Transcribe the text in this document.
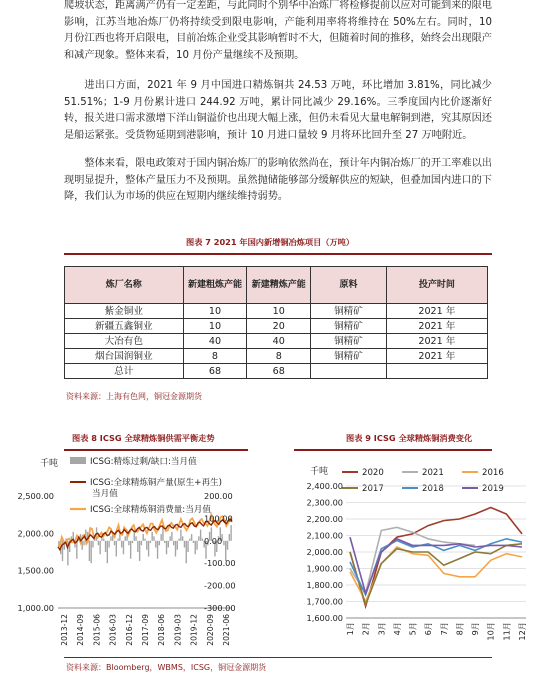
爬坡状态，距离满产仍有一定差距，与此同时个别华中冶炼厂将检修提前以应对可能到来的限电影响，江苏当地冶炼厂仍将持续受到限电影响，产能利用率将将维持在 50%左右。同时，10 月份江西也将开启限电，目前冶炼企业受其影响暂时不大，但随着时间的推移，始终会出现限产和减产现象。整体来看，10 月份产量继续不及预期。

进出口方面，2021 年 9 月中国进口精炼铜共 24.53 万吨，环比增加 3.81%，同比减少 51.51%；1-9 月份累计进口 244.92 万吨，累计同比减少 29.16%。三季度国内比价逐渐好转，报关进口需求激增下洋山铜溢价也出现大幅上涨，但仍未看见大量电解铜到港，究其原因还是船运紧张。受货物延期到港影响，预计 10 月进口量较 9 月将环比回升至 27 万吨附近。

整体来看，限电政策对于国内铜冶炼厂的影响依然尚在，预计年内铜冶炼厂的开工率难以出现明显提升，整体产量压力不及预期。虽然抛储能够部分缓解供应的短缺，但叠加国内进口的下降，我们认为市场的供应在短期内继续维持弱势。

图表 7 2021 年国内新增铜冶炼项目（万吨）
炼厂名称	新建粗炼产能	新建精炼产能	原料	投产时间
紫金铜业	10	10	铜精矿	2021 年
新疆五鑫铜业	10	20	铜精矿	2021 年
大冶有色	40	40	铜精矿	2021 年
烟台国润铜业	8	8	铜精矿	2021 年
总计	68	68		
资料来源：上海有色网，铜冠金源期货
图表 8 ICSG 全球精炼铜供需平衡走势	图表 9 ICSG 全球精炼铜消费变化
千吨	ICSG:精炼过剩/缺口:当月值
ICSG:全球精炼铜产量(原生+再生)当月值
ICSG:全球精炼铜消费量:当月值
2,500.00
2,000.00
1,500.00
1,000.00
200.00
100.00
0.00
-100.00
-200.00
-300.00
2013-12 2014-09 2015-06 2016-03 2016-12 2017-09 2018-06 2019-03 2019-12 2020-09 2021-06
千吨	2020	2021	2016
2017	2018	2019
2,400.00
2,300.00
2,200.00
2,100.00
2,000.00
1,900.00
1,800.00
1,700.00
1,600.00
1月 2月 3月 4月 5月 6月 7月 8月 9月 10月 11月 12月
资料来源：Bloomberg，WBMS，ICSG，铜冠金源期货
